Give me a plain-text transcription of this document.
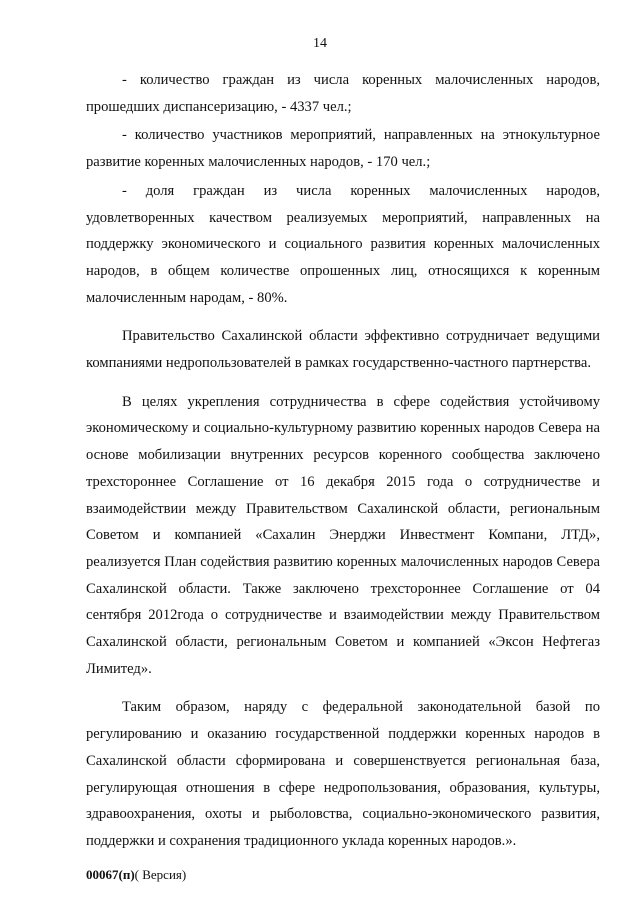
14

- количество граждан из числа коренных малочисленных народов, прошедших диспансеризацию, - 4337 чел.;

- количество участников мероприятий, направленных на этнокультурное развитие коренных малочисленных народов, - 170 чел.;

- доля граждан из числа коренных малочисленных народов, удовлетворенных качеством реализуемых мероприятий, направленных на поддержку экономического и социального развития коренных малочисленных народов, в общем количестве опрошенных лиц, относящихся к коренным малочисленным народам, - 80%.

Правительство Сахалинской области эффективно сотрудничает ведущими компаниями недропользователей в рамках государственно-частного партнерства.

В целях укрепления сотрудничества в сфере содействия устойчивому экономическому и социально-культурному развитию коренных народов Севера на основе мобилизации внутренних ресурсов коренного сообщества заключено трехстороннее Соглашение от 16 декабря 2015 года о сотрудничестве и взаимодействии между Правительством Сахалинской области, региональным Советом и компанией «Сахалин Энерджи Инвестмент Компани, ЛТД», реализуется План содействия развитию коренных малочисленных народов Севера Сахалинской области. Также заключено трехстороннее Соглашение от 04 сентября 2012года о сотрудничестве и взаимодействии между Правительством Сахалинской области, региональным Советом и компанией «Эксон Нефтегаз Лимитед».

Таким образом, наряду с федеральной законодательной базой по регулированию и оказанию государственной поддержки коренных народов в Сахалинской области сформирована и совершенствуется региональная база, регулирующая отношения в сфере недропользования, образования, культуры, здравоохранения, охоты и рыболовства, социально-экономического развития, поддержки и сохранения традиционного уклада коренных народов.».

00067(п)( Версия)
